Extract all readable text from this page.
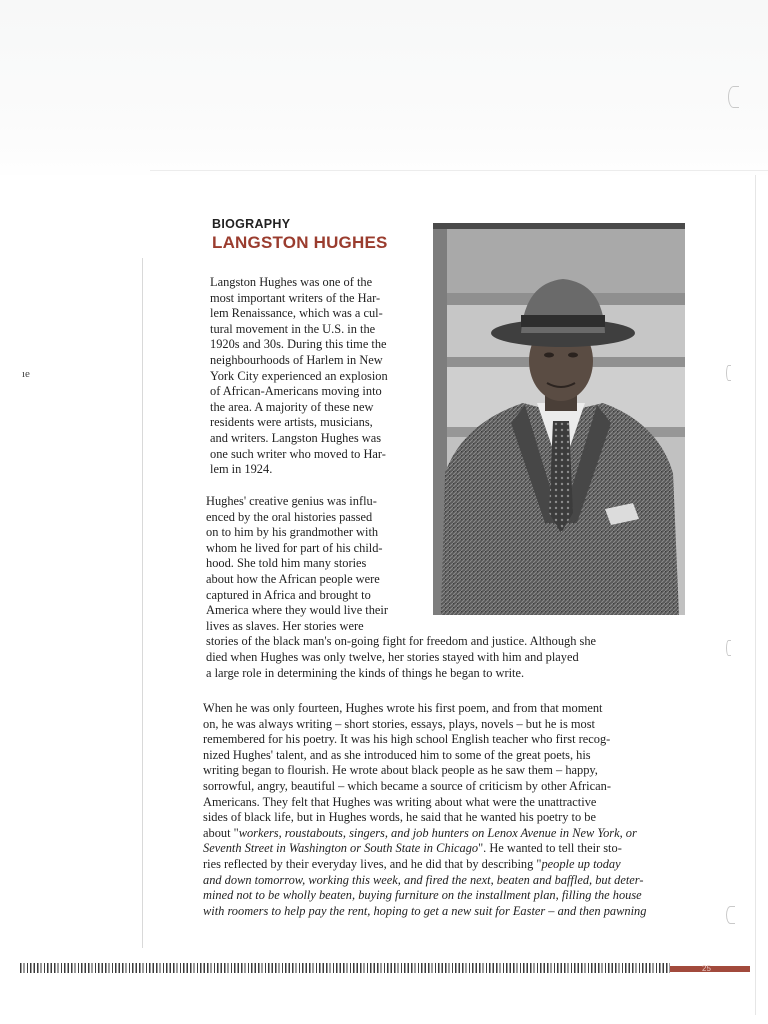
ıe
BIOGRAPHY
LANGSTON HUGHES
Langston Hughes was one of the
most important writers of the Har-
lem Renaissance, which was a cul-
tural movement in the U.S. in the
1920s and 30s. During this time the
neighbourhoods of Harlem in New
York City experienced an explosion
of African-Americans moving into
the area. A majority of these new
residents were artists, musicians,
and writers. Langston Hughes was
one such writer who moved to Har-
lem in 1924.
Hughes' creative genius was influ-
enced by the oral histories passed
on to him by his grandmother with
whom he lived for part of his child-
hood. She told him many stories
about how the African people were
captured in Africa and brought to
America where they would live their
lives as slaves. Her stories were
stories of the black man's on-going fight for freedom and justice. Although she
died when Hughes was only twelve, her stories stayed with him and played
a large role in determining the kinds of things he began to write.
When he was only fourteen, Hughes wrote his first poem, and from that moment
on, he was always writing – short stories, essays, plays, novels – but he is most
remembered for his poetry. It was his high school English teacher who first recog-
nized Hughes' talent, and as she introduced him to some of the great poets, his
writing began to flourish. He wrote about black people as he saw them – happy,
sorrowful, angry, beautiful – which became a source of criticism by other African-
Americans. They felt that Hughes was writing about what were the unattractive
sides of black life, but in Hughes words, he said that he wanted his poetry to be
about "workers, roustabouts, singers, and job hunters on Lenox Avenue in New York, or
Seventh Street in Washington or South State in Chicago". He wanted to tell their sto-
ries reflected by their everyday lives, and he did that by describing "people up today
and down tomorrow, working this week, and fired the next, beaten and baffled, but deter-
mined not to be wholly beaten, buying furniture on the installment plan, filling the house
with roomers to help pay the rent, hoping to get a new suit for Easter – and then pawning
25
